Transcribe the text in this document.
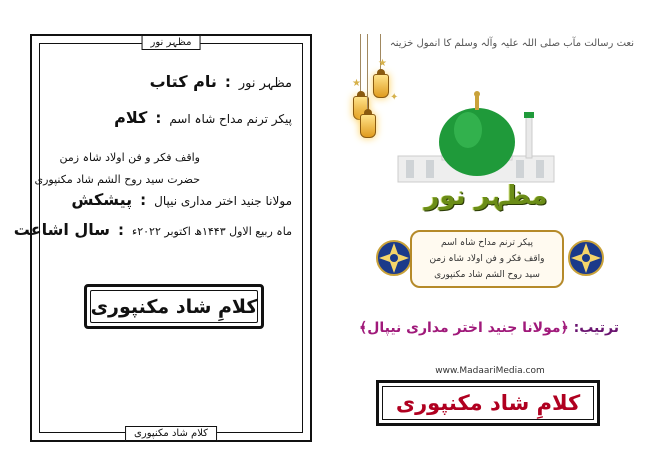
مظہر نور
نام کتاب : مظہر نور
کلام : پیکر ترنم مداح شاہ اسم
واقف فکر و فن اولاد شاہ زمن
حضرت سید روح الشم شاد مکنپوری
پیشکش : مولانا جنید اختر مداری نیپال
سال اشاعت : ماہ ربیع الاول ۱۴۴۳ھ اکتوبر ۲۰۲۲ء
کلامِ شاد مکنپوری
کلام شاد مکنپوری
نعت رسالت مآب صلی اللہ علیہ وآلہ وسلم کا انمول خزینہ
★
★
✦
مظہر نور
پیکر ترنم مداح شاہ اسم
واقف فکر و فن اولاد شاہ زمن
سید روح الشم شاد مکنپوری
ترتیب: ﴿مولانا جنید اختر مداری نیپال﴾
www.MadaariMedia.com
کلامِ شاد مکنپوری
